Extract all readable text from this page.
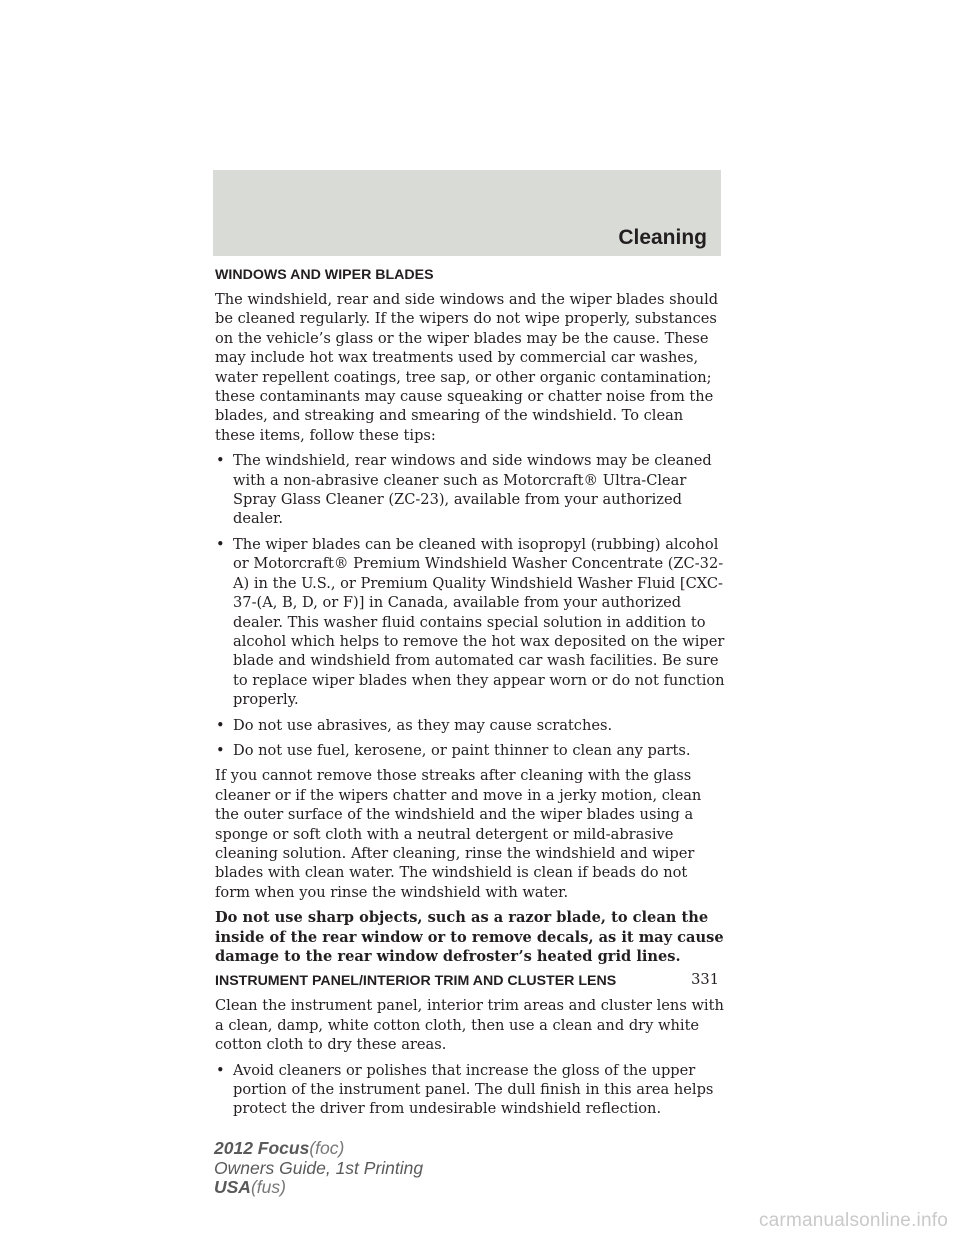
Cleaning
WINDOWS AND WIPER BLADES

The windshield, rear and side windows and the wiper blades should be cleaned regularly. If the wipers do not wipe properly, substances on the vehicle’s glass or the wiper blades may be the cause. These may include hot wax treatments used by commercial car washes, water repellent coatings, tree sap, or other organic contamination; these contaminants may cause squeaking or chatter noise from the blades, and streaking and smearing of the windshield. To clean these items, follow these tips:

• The windshield, rear windows and side windows may be cleaned with a non-abrasive cleaner such as Motorcraft® Ultra-Clear Spray Glass Cleaner (ZC-23), available from your authorized dealer.
• The wiper blades can be cleaned with isopropyl (rubbing) alcohol or Motorcraft® Premium Windshield Washer Concentrate (ZC-32-A) in the U.S., or Premium Quality Windshield Washer Fluid [CXC-37-(A, B, D, or F)] in Canada, available from your authorized dealer. This washer fluid contains special solution in addition to alcohol which helps to remove the hot wax deposited on the wiper blade and windshield from automated car wash facilities. Be sure to replace wiper blades when they appear worn or do not function properly.
• Do not use abrasives, as they may cause scratches.
• Do not use fuel, kerosene, or paint thinner to clean any parts.

If you cannot remove those streaks after cleaning with the glass cleaner or if the wipers chatter and move in a jerky motion, clean the outer surface of the windshield and the wiper blades using a sponge or soft cloth with a neutral detergent or mild-abrasive cleaning solution. After cleaning, rinse the windshield and wiper blades with clean water. The windshield is clean if beads do not form when you rinse the windshield with water.

Do not use sharp objects, such as a razor blade, to clean the inside of the rear window or to remove decals, as it may cause damage to the rear window defroster’s heated grid lines.

INSTRUMENT PANEL/INTERIOR TRIM AND CLUSTER LENS

Clean the instrument panel, interior trim areas and cluster lens with a clean, damp, white cotton cloth, then use a clean and dry white cotton cloth to dry these areas.

• Avoid cleaners or polishes that increase the gloss of the upper portion of the instrument panel. The dull finish in this area helps protect the driver from undesirable windshield reflection.
331
2012 Focus(foc)
Owners Guide, 1st Printing
USA(fus)
carmanualsonline.info
